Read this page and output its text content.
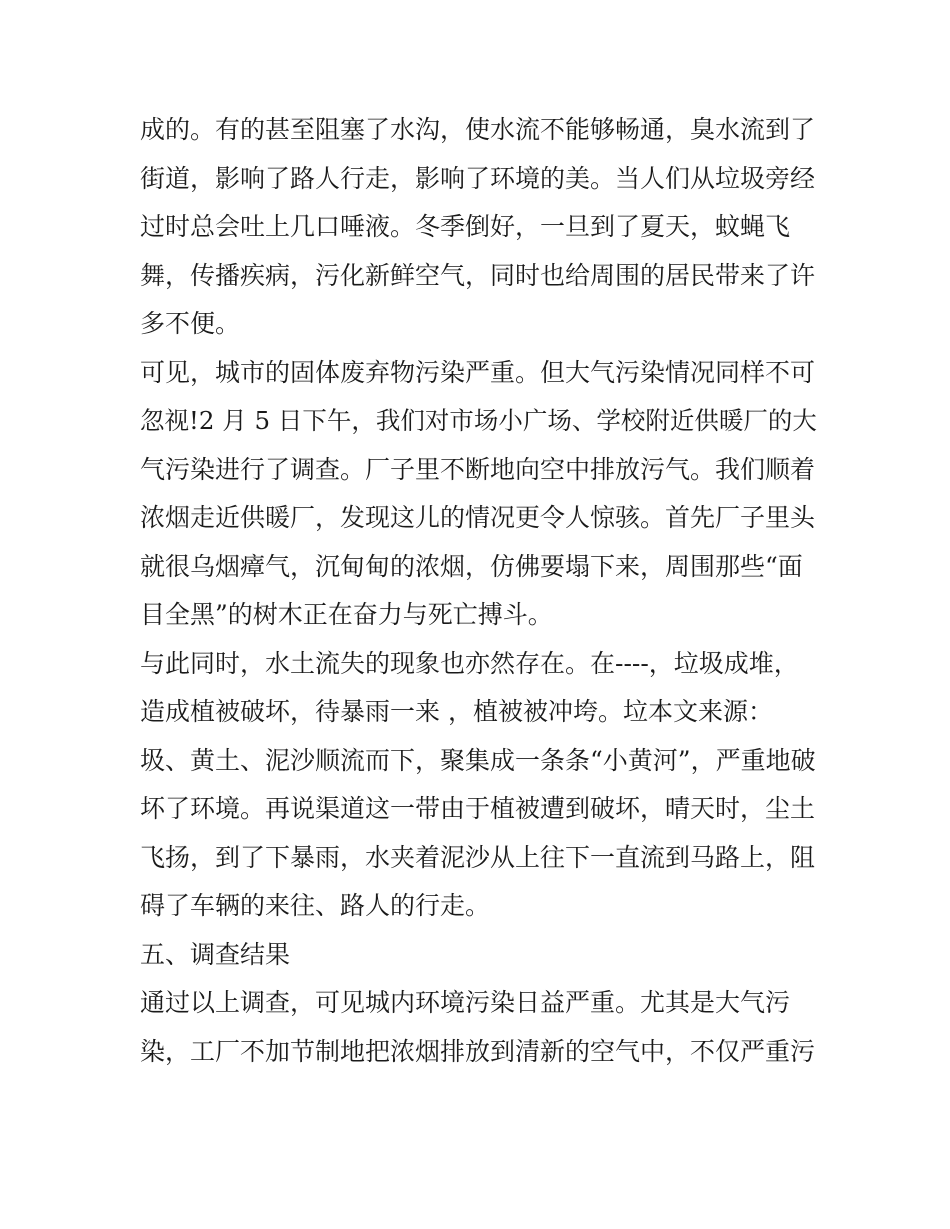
成的。有的甚至阻塞了水沟，使水流不能够畅通，臭水流到了
街道，影响了路人行走，影响了环境的美。当人们从垃圾旁经
过时总会吐上几口唾液。冬季倒好，一旦到了夏天，蚊蝇飞
舞，传播疾病，污化新鲜空气，同时也给周围的居民带来了许
多不便。
可见，城市的固体废弃物污染严重。但大气污染情况同样不可
忽视!2 月 5 日下午，我们对市场小广场、学校附近供暖厂的大
气污染进行了调查。厂子里不断地向空中排放污气。我们顺着
浓烟走近供暖厂，发现这儿的情况更令人惊骇。首先厂子里头
就很乌烟瘴气，沉甸甸的浓烟，仿佛要塌下来，周围那些“面
目全黑”的树木正在奋力与死亡搏斗。
与此同时，水土流失的现象也亦然存在。在----，垃圾成堆，
造成植被破坏，待暴雨一来 ，植被被冲垮。垃本文来源：
圾、黄土、泥沙顺流而下，聚集成一条条“小黄河”，严重地破
坏了环境。再说渠道这一带由于植被遭到破坏，晴天时，尘土
飞扬，到了下暴雨，水夹着泥沙从上往下一直流到马路上，阻
碍了车辆的来往、路人的行走。
五、调查结果
通过以上调查，可见城内环境污染日益严重。尤其是大气污
染，工厂不加节制地把浓烟排放到清新的空气中，不仅严重污
